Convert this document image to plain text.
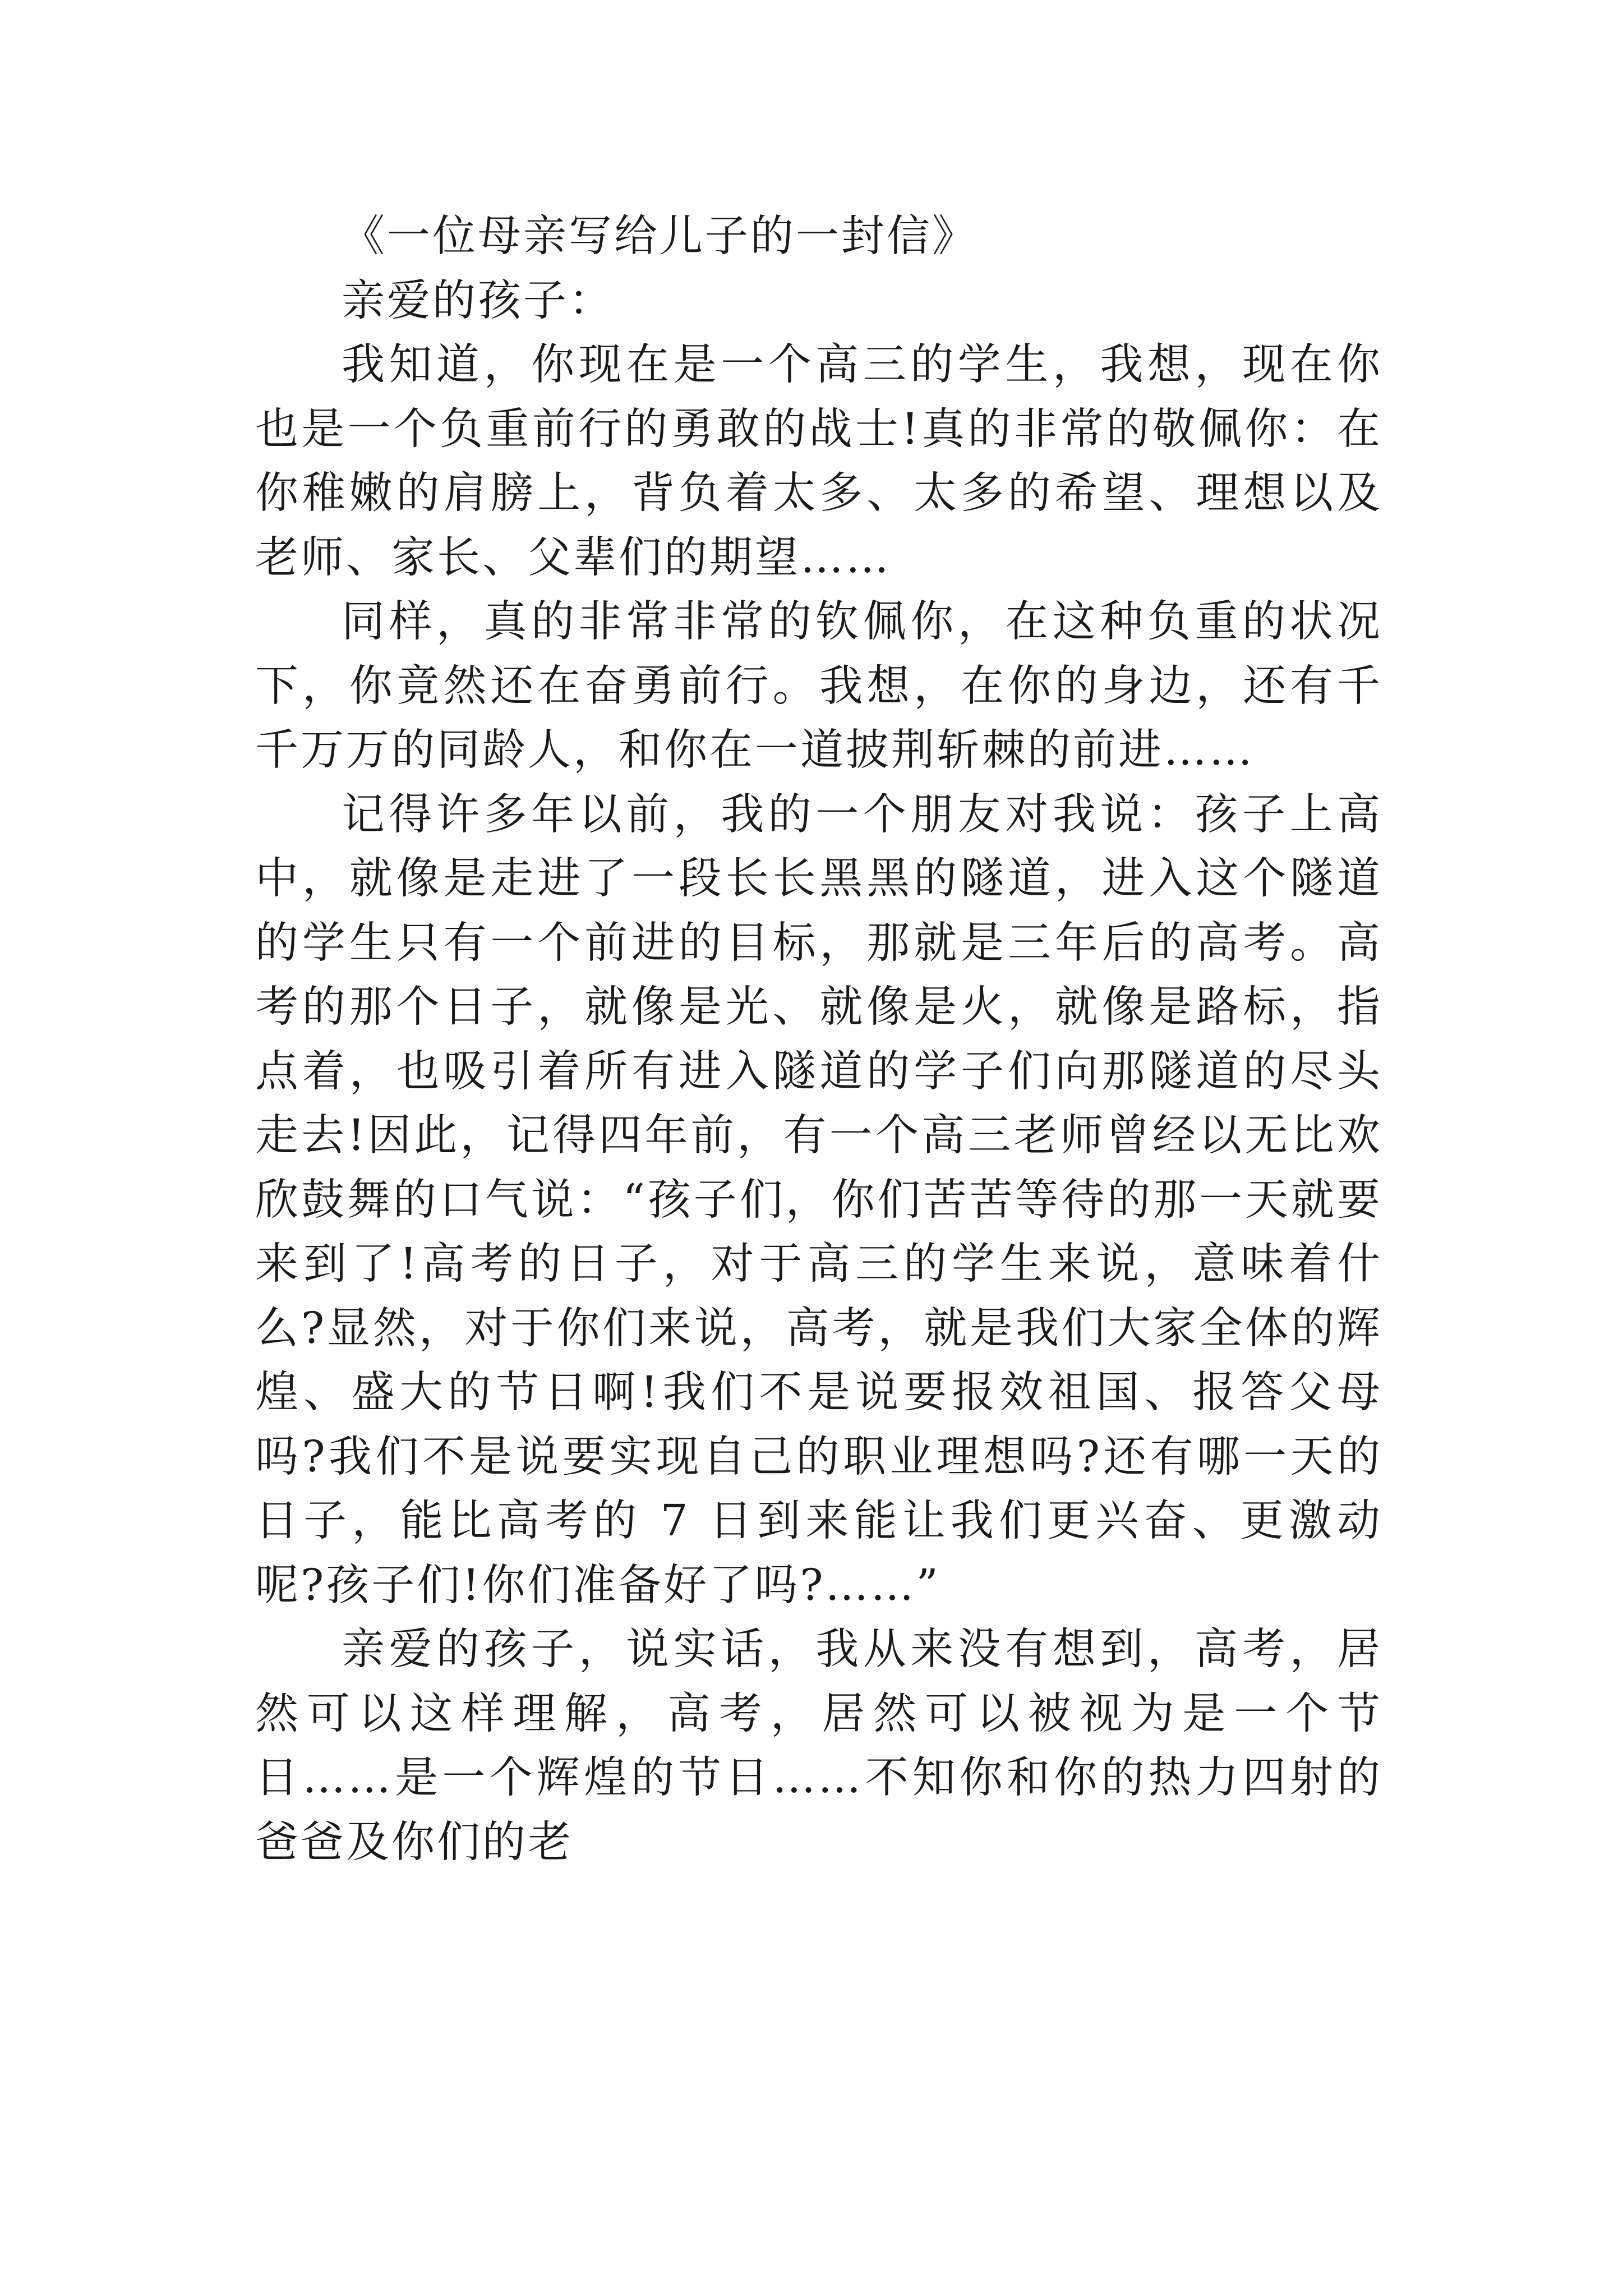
《一位母亲写给儿子的一封信》

亲爱的孩子：

我知道，你现在是一个高三的学生，我想，现在你也是一个负重前行的勇敢的战士!真的非常的敬佩你：在你稚嫩的肩膀上，背负着太多、太多的希望、理想以及老师、家长、父辈们的期望……

同样，真的非常非常的钦佩你，在这种负重的状况下，你竟然还在奋勇前行。我想，在你的身边，还有千千万万的同龄人，和你在一道披荆斩棘的前进……

记得许多年以前，我的一个朋友对我说：孩子上高中，就像是走进了一段长长黑黑的隧道，进入这个隧道的学生只有一个前进的目标，那就是三年后的高考。高考的那个日子，就像是光、就像是火，就像是路标，指点着，也吸引着所有进入隧道的学子们向那隧道的尽头走去!因此，记得四年前，有一个高三老师曾经以无比欢欣鼓舞的口气说：“孩子们，你们苦苦等待的那一天就要来到了!高考的日子，对于高三的学生来说，意味着什么?显然，对于你们来说，高考，就是我们大家全体的辉煌、盛大的节日啊!我们不是说要报效祖国、报答父母吗?我们不是说要实现自己的职业理想吗?还有哪一天的日子，能比高考的 7 日到来能让我们更兴奋、更激动呢?孩子们!你们准备好了吗?……”

亲爱的孩子，说实话，我从来没有想到，高考，居然可以这样理解，高考，居然可以被视为是一个节日……是一个辉煌的节日……不知你和你的热力四射的爸爸及你们的老
